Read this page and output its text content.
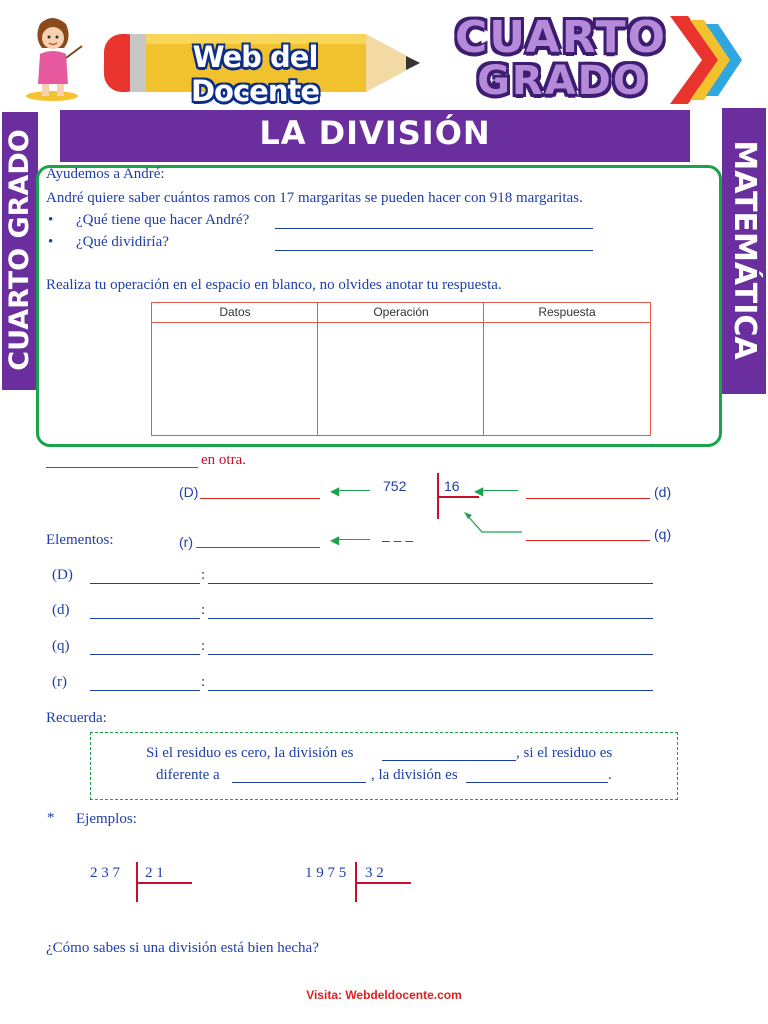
Web del Docente
CUARTO
GRADO
CUARTO GRADO	MATEMÁTICA
LA DIVISIÓN
Ayudemos a André:
André quiere saber cuántos ramos con 17 margaritas se pueden hacer con 918 margaritas.
• ¿Qué tiene que hacer André?
• ¿Qué dividiría?
Realiza tu operación en el espacio en blanco, no olvides anotar tu respuesta.
Datos	Operación	Respuesta
en otra.
(D)	◀	752	16 ◀	(d)
(q)
Elementos:	(r)	◀	– – –
(D)	:
(d)	:
(q)	:
(r)	:
Recuerda:
Si el residuo es cero, la división es	, si el residuo es
diferente a	, la división es	.
* Ejemplos:
2 3 7 2 1	1 9 7 5 3 2
¿Cómo sabes si una división está bien hecha?
Visita: Webdeldocente.com
